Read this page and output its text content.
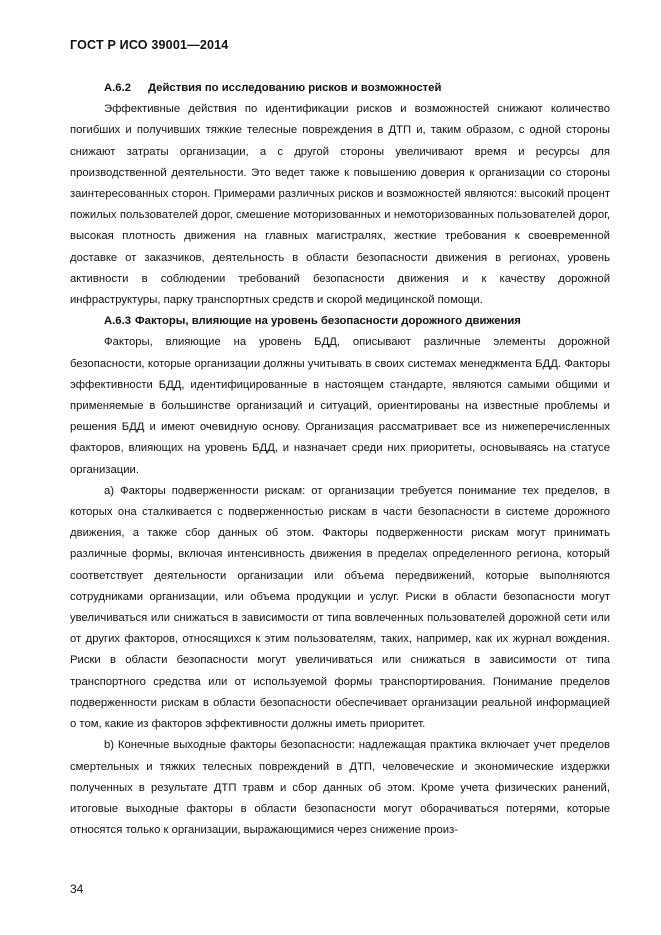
ГОСТ Р ИСО 39001—2014
А.6.2 Действия по исследованию рисков и возможностей

Эффективные действия по идентификации рисков и возможностей снижают количество погибших и получивших тяжкие телесные повреждения в ДТП и, таким образом, с одной стороны снижают затраты организации, а с другой стороны увеличивают время и ресурсы для производственной деятельности. Это ведет также к повышению доверия к организации со стороны заинтересованных сторон. Примерами различных рисков и возможностей являются: высокий процент пожилых пользователей дорог, смешение моторизованных и немоторизованных пользователей дорог, высокая плотность движения на главных магистралях, жесткие требования к своевременной доставке от заказчиков, деятельность в области безопасности движения в регионах, уровень активности в соблюдении требований безопасности движения и к качеству дорожной инфраструктуры, парку транспортных средств и скорой медицинской помощи.

А.6.3 Факторы, влияющие на уровень безопасности дорожного движения

Факторы, влияющие на уровень БДД, описывают различные элементы дорожной безопасности, которые организации должны учитывать в своих системах менеджмента БДД. Факторы эффективности БДД, идентифицированные в настоящем стандарте, являются самыми общими и применяемые в большинстве организаций и ситуаций, ориентированы на известные проблемы и решения БДД и имеют очевидную основу. Организация рассматривает все из нижеперечисленных факторов, влияющих на уровень БДД, и назначает среди них приоритеты, основываясь на статусе организации.

а) Факторы подверженности рискам: от организации требуется понимание тех пределов, в которых она сталкивается с подверженностью рискам в части безопасности в системе дорожного движения, а также сбор данных об этом. Факторы подверженности рискам могут принимать различные формы, включая интенсивность движения в пределах определенного региона, который соответствует деятельности организации или объема передвижений, которые выполняются сотрудниками организации, или объема продукции и услуг. Риски в области безопасности могут увеличиваться или снижаться в зависимости от типа вовлеченных пользователей дорожной сети или от других факторов, относящихся к этим пользователям, таких, например, как их журнал вождения. Риски в области безопасности могут увеличиваться или снижаться в зависимости от типа транспортного средства или от используемой формы транспортирования. Понимание пределов подверженности рискам в области безопасности обеспечивает организации реальной информацией о том, какие из факторов эффективности должны иметь приоритет.

b) Конечные выходные факторы безопасности: надлежащая практика включает учет пределов смертельных и тяжких телесных повреждений в ДТП, человеческие и экономические издержки полученных в результате ДТП травм и сбор данных об этом. Кроме учета физических ранений, итоговые выходные факторы в области безопасности могут оборачиваться потерями, которые относятся только к организации, выражающимися через снижение произ-

34
